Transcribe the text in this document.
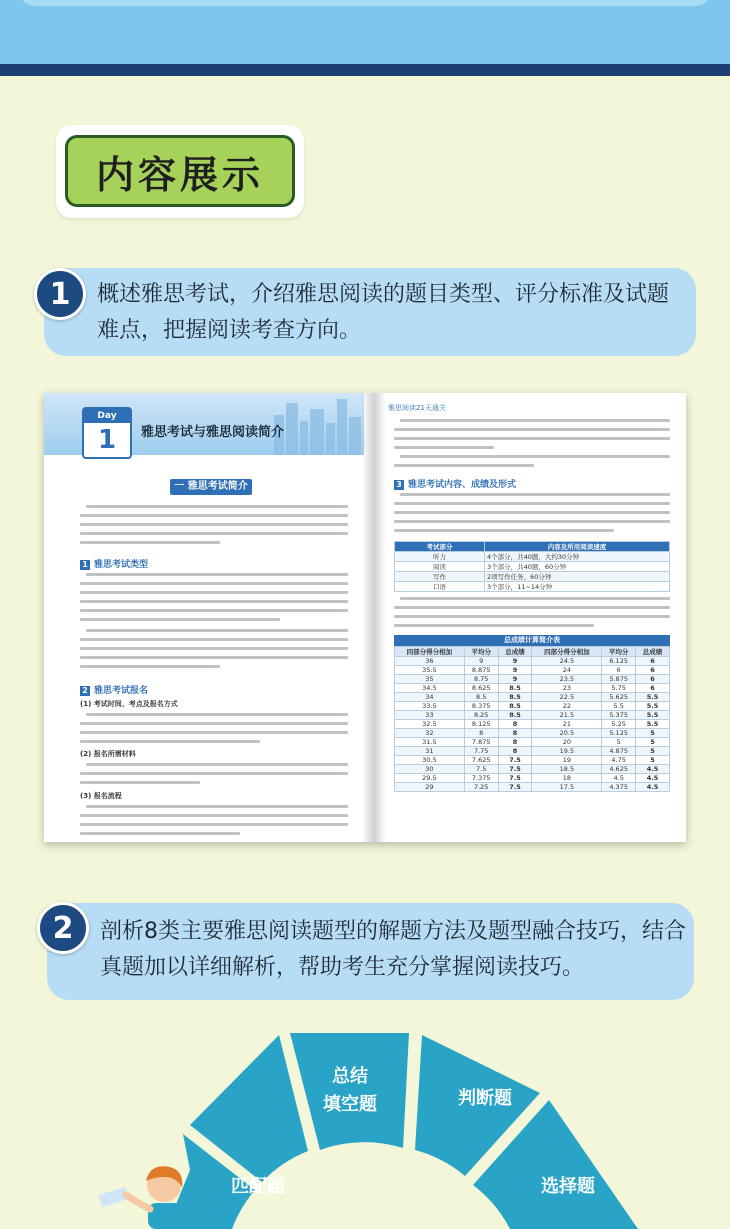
内容展示
1	概述雅思考试，介绍雅思阅读的题目类型、评分标准及试题难点，把握阅读考查方向。
Day
1	雅思考试与雅思阅读简介
一 雅思考试简介
1 雅思考试类型
2 雅思考试报名
(1) 考试时间、考点及报名方式
(2) 报名所需材料
(3) 报名流程
雅思阅读21天通关
3 雅思考试内容、成绩及形式
考试部分	内容及所用阅读速度
听力	4个部分，共40题，大约30分钟
阅读	3个部分，共40题，60分钟
写作	2项写作任务，60分钟
口语	3个部分，11~14分钟
总成绩计算简介表
四部分得分相加	平均分	总成绩	四部分得分相加	平均分	总成绩
36	9	9	24.5	6.125	6
35.5	8.875	9	24	6	6
35	8.75	9	23.5	5.875	6
34.5	8.625	8.5	23	5.75	6
34	8.5	8.5	22.5	5.625	5.5
33.5	8.375	8.5	22	5.5	5.5
33	8.25	8.5	21.5	5.375	5.5
32.5	8.125	8	21	5.25	5.5
32	8	8	20.5	5.125	5
31.5	7.875	8	20	5	5
31	7.75	8	19.5	4.875	5
30.5	7.625	7.5	19	4.75	5
30	7.5	7.5	18.5	4.625	4.5
29.5	7.375	7.5	18	4.5	4.5
29	7.25	7.5	17.5	4.375	4.5
2	剖析8类主要雅思阅读题型的解题方法及题型融合技巧，结合真题加以详细解析，帮助考生充分掌握阅读技巧。
总结
填空题	判断题
匹配题	选择题
